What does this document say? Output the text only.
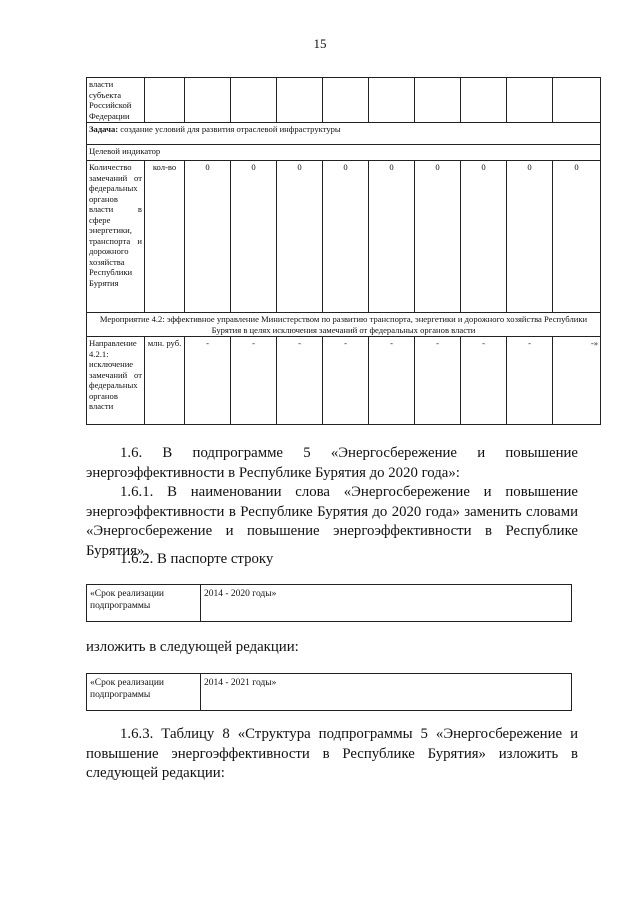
15
власти субъекта Российской Федерации										
Задача: создание условий для развития отраслевой инфраструктуры										
Целевой индикатор										
Количество замечаний от федеральных органов власти в сфере энергетики, транспорта и дорожного хозяйства Республики Бурятия	кол-во	0	0	0	0	0	0	0	0	0
Мероприятие 4.2: эффективное управление Министерством по развитию транспорта, энергетики и дорожного хозяйства Республики Бурятия в целях исключения замечаний от федеральных органов власти										
Направление 4.2.1: исключение замечаний от федеральных органов власти	млн. руб.	-	-	-	-	-	-	-	-	-»
1.6. В подпрограмме 5 «Энергосбережение и повышение энергоэффективности в Республике Бурятия до 2020 года»:
1.6.1. В наименовании слова «Энергосбережение и повышение энергоэффективности в Республике Бурятия до 2020 года» заменить словами «Энергосбережение и повышение энергоэффективности в Республике Бурятия».
1.6.2. В паспорте строку
«Срок реализации подпрограммы	2014 - 2020 годы»
изложить в следующей редакции:
«Срок реализации подпрограммы	2014 - 2021 годы»
1.6.3. Таблицу 8 «Структура подпрограммы 5 «Энергосбережение и повышение энергоэффективности в Республике Бурятия» изложить в следующей редакции:
